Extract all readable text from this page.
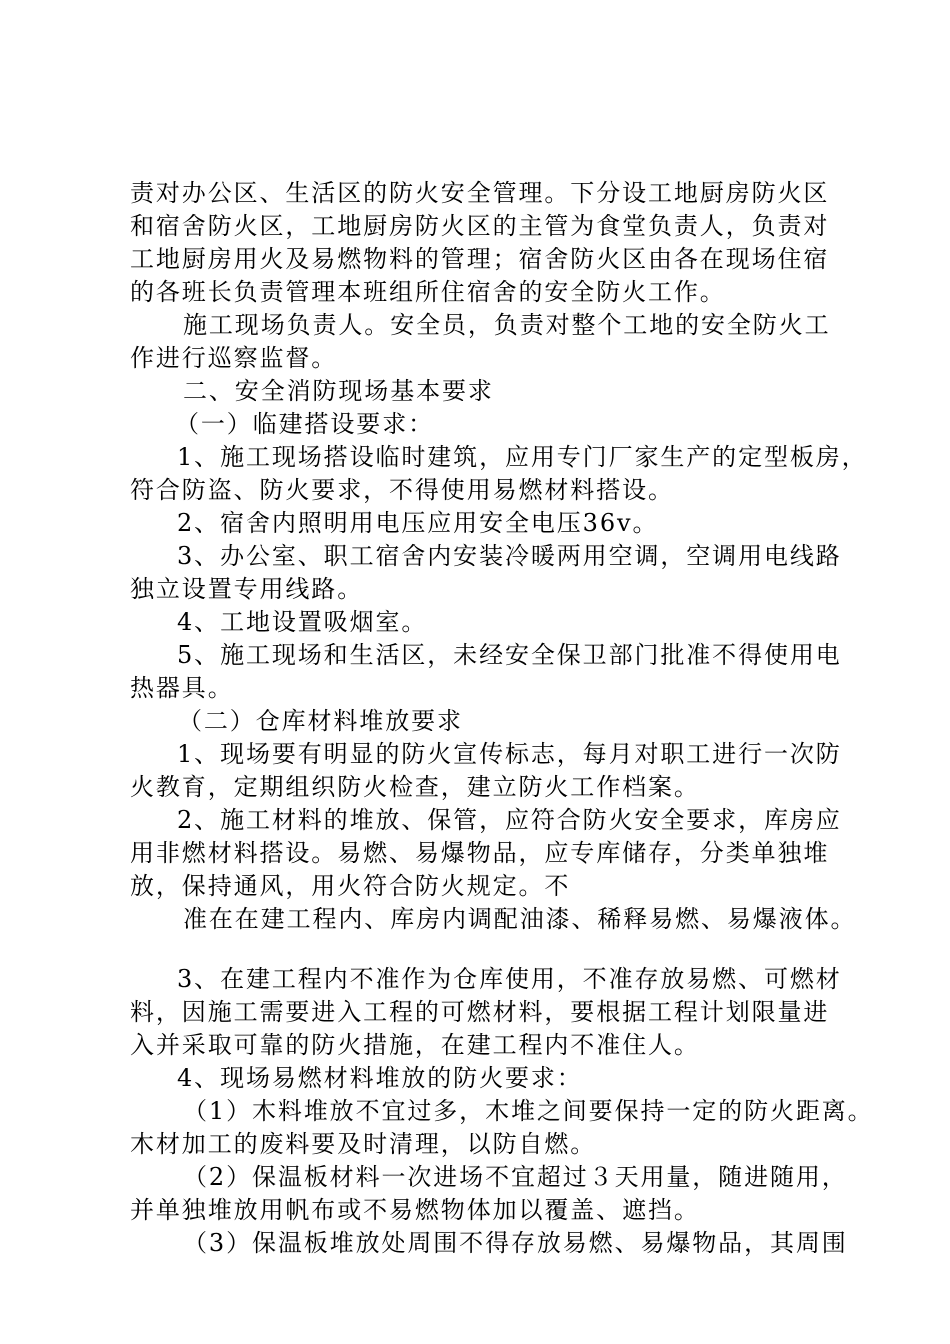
责对办公区、生活区的防火安全管理。下分设工地厨房防火区
和宿舍防火区，工地厨房防火区的主管为食堂负责人，负责对
工地厨房用火及易燃物料的管理；宿舍防火区由各在现场住宿
的各班长负责管理本班组所住宿舍的安全防火工作。
施工现场负责人。安全员，负责对整个工地的安全防火工
作进行巡察监督。
二、安全消防现场基本要求
（一）临建搭设要求：
1、施工现场搭设临时建筑，应用专门厂家生产的定型板房，
符合防盗、防火要求，不得使用易燃材料搭设。
2、宿舍内照明用电压应用安全电压36v。
3、办公室、职工宿舍内安装冷暖两用空调，空调用电线路
独立设置专用线路。
4、工地设置吸烟室。
5、施工现场和生活区，未经安全保卫部门批准不得使用电
热器具。
（二）仓库材料堆放要求
1、现场要有明显的防火宣传标志，每月对职工进行一次防
火教育，定期组织防火检查，建立防火工作档案。
2、施工材料的堆放、保管，应符合防火安全要求，库房应
用非燃材料搭设。易燃、易爆物品，应专库储存，分类单独堆
放，保持通风，用火符合防火规定。不
准在在建工程内、库房内调配油漆、稀释易燃、易爆液体。
3、在建工程内不准作为仓库使用，不准存放易燃、可燃材
料，因施工需要进入工程的可燃材料，要根据工程计划限量进
入并采取可靠的防火措施，在建工程内不准住人。
4、现场易燃材料堆放的防火要求：
（1）木料堆放不宜过多，木堆之间要保持一定的防火距离。
木材加工的废料要及时清理，以防自燃。
（2）保温板材料一次进场不宜超过３天用量，随进随用，
并单独堆放用帆布或不易燃物体加以覆盖、遮挡。
（3）保温板堆放处周围不得存放易燃、易爆物品，其周围
